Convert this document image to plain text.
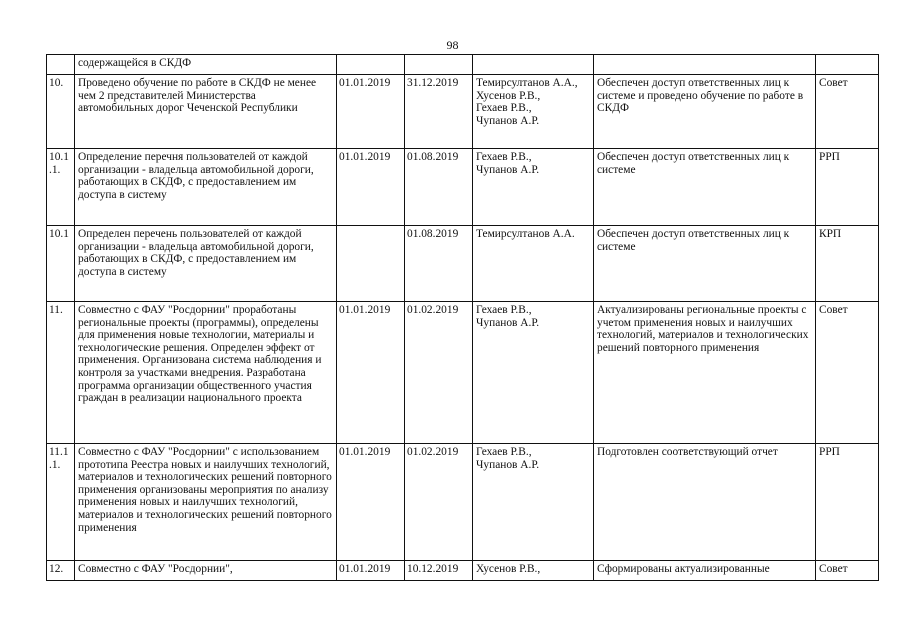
98
	содержащейся в СКДФ					
10.	Проведено обучение по работе в СКДФ не менее чем 2 представителей Министерства автомобильных дорог Чеченской Республики	01.01.2019	31.12.2019	Темирсултанов А.А.,
Хусенов Р.В.,
Гехаев Р.В.,
Чупанов А.Р.	Обеспечен доступ ответственных лиц к системе и проведено обучение по работе в СКДФ	Совет
10.1
.1.	Определение перечня пользователей от каждой организации - владельца автомобильной дороги, работающих в СКДФ, с предоставлением им доступа в систему	01.01.2019	01.08.2019	Гехаев Р.В.,
Чупанов А.Р.	Обеспечен доступ ответственных лиц к системе	РРП
10.1	Определен перечень пользователей от каждой организации - владельца автомобильной дороги, работающих в СКДФ, с предоставлением им доступа в систему		01.08.2019	Темирсултанов А.А.	Обеспечен доступ ответственных лиц к системе	КРП
11.	Совместно с ФАУ "Росдорнии" проработаны региональные проекты (программы), определены для применения новые технологии, материалы и технологические решения. Определен эффект от применения. Организована система наблюдения и контроля за участками внедрения. Разработана программа организации общественного участия граждан в реализации национального проекта	01.01.2019	01.02.2019	Гехаев Р.В.,
Чупанов А.Р.	Актуализированы региональные проекты с учетом применения новых и наилучших технологий, материалов и технологических решений повторного применения	Совет
11.1
.1.	Совместно с ФАУ "Росдорнии" с использованием прототипа Реестра новых и наилучших технологий, материалов и технологических решений повторного применения организованы мероприятия по анализу применения новых и наилучших технологий, материалов и технологических решений повторного применения	01.01.2019	01.02.2019	Гехаев Р.В.,
Чупанов А.Р.	Подготовлен соответствующий отчет	РРП
12.	Совместно с ФАУ "Росдорнии",	01.01.2019	10.12.2019	Хусенов Р.В.,	Сформированы актуализированные	Совет
